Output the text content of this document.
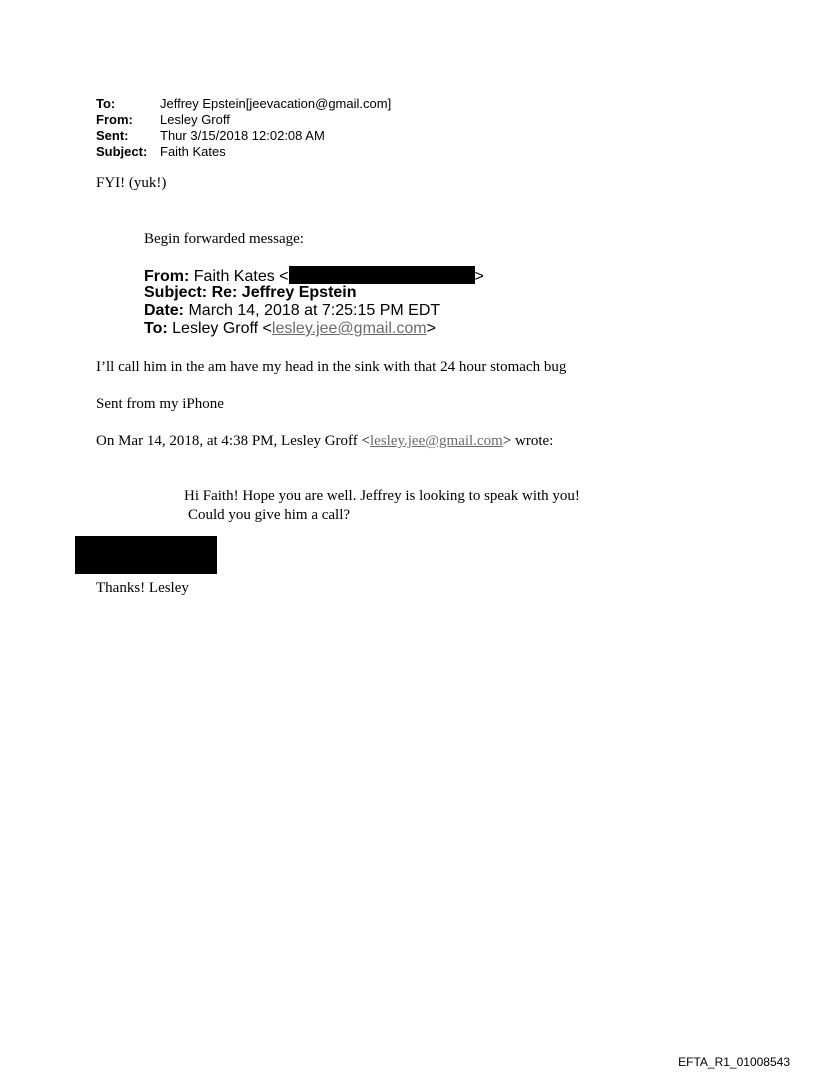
To:	Jeffrey Epstein[jeevacation@gmail.com]
From:	Lesley Groff
Sent:	Thur 3/15/2018 12:02:08 AM
Subject: Faith Kates
FYI! (yuk!)
Begin forwarded message:
From: Faith Kates <	>
Subject: Re: Jeffrey Epstein
Date: March 14, 2018 at 7:25:15 PM EDT
To: Lesley Groff <lesley.jee@gmail.com>
I’ll call him in the am have my head in the sink with that 24 hour stomach bug
Sent from my iPhone
On Mar 14, 2018, at 4:38 PM, Lesley Groff <lesley.jee@gmail.com> wrote:
Hi Faith! Hope you are well. Jeffrey is looking to speak with you!
Could you give him a call?
Thanks! Lesley
EFTA_R1_01008543
